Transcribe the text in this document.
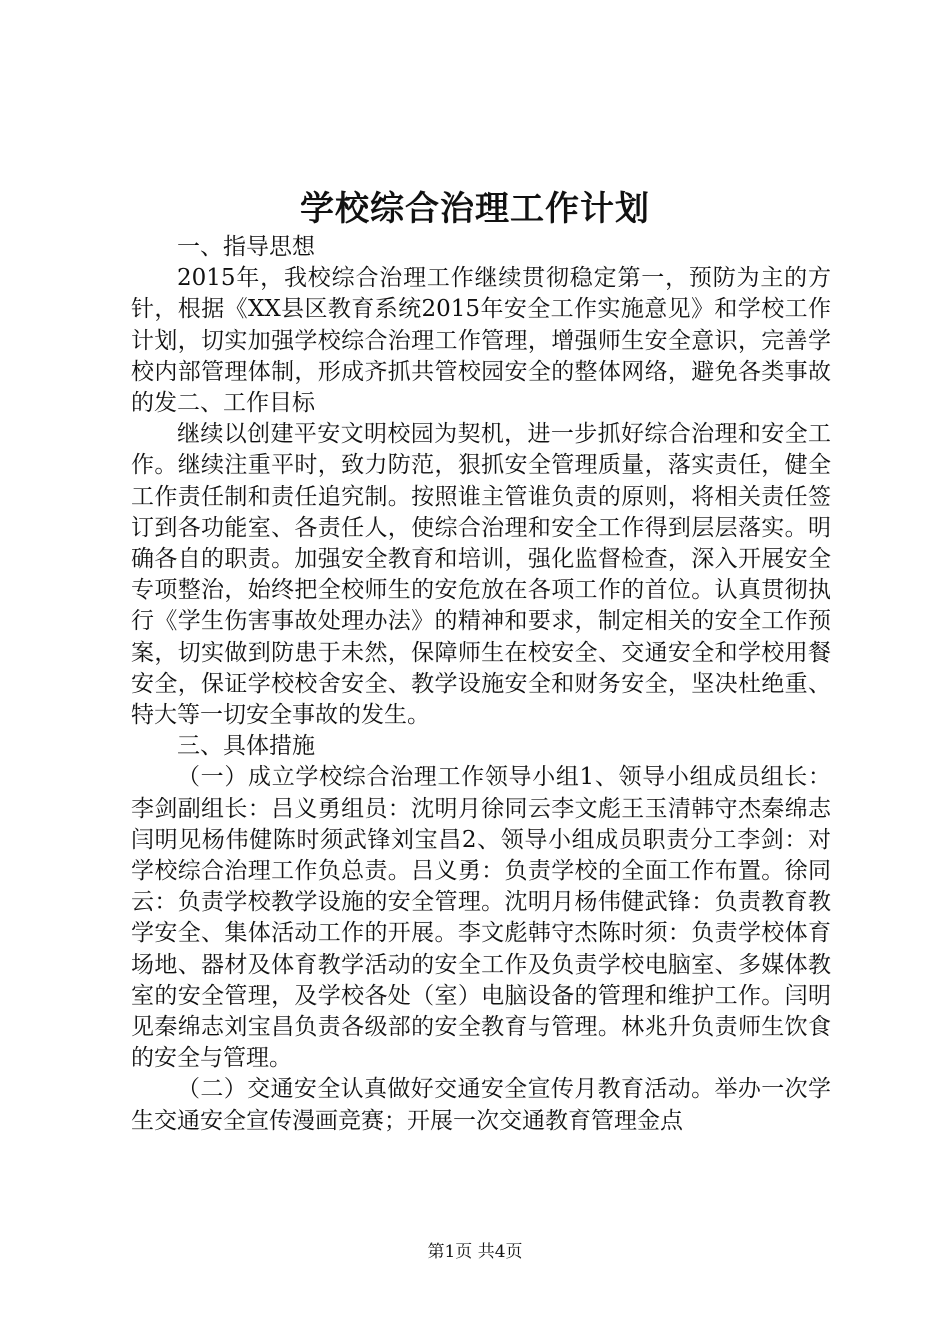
学校综合治理工作计划

一、指导思想

2015年，我校综合治理工作继续贯彻稳定第一，预防为主的方针，根据《XX县区教育系统2015年安全工作实施意见》和学校工作计划，切实加强学校综合治理工作管理，增强师生安全意识，完善学校内部管理体制，形成齐抓共管校园安全的整体网络，避免各类事故的发二、工作目标

继续以创建平安文明校园为契机，进一步抓好综合治理和安全工作。继续注重平时，致力防范，狠抓安全管理质量，落实责任，健全工作责任制和责任追究制。按照谁主管谁负责的原则，将相关责任签订到各功能室、各责任人，使综合治理和安全工作得到层层落实。明确各自的职责。加强安全教育和培训，强化监督检查，深入开展安全专项整治，始终把全校师生的安危放在各项工作的首位。认真贯彻执行《学生伤害事故处理办法》的精神和要求，制定相关的安全工作预案，切实做到防患于未然，保障师生在校安全、交通安全和学校用餐安全，保证学校校舍安全、教学设施安全和财务安全，坚决杜绝重、特大等一切安全事故的发生。

三、具体措施

（一）成立学校综合治理工作领导小组1、领导小组成员组长：李剑副组长：吕义勇组员：沈明月徐同云李文彪王玉清韩守杰秦绵志闫明见杨伟健陈时须武锋刘宝昌2、领导小组成员职责分工李剑：对学校综合治理工作负总责。吕义勇：负责学校的全面工作布置。徐同云：负责学校教学设施的安全管理。沈明月杨伟健武锋：负责教育教学安全、集体活动工作的开展。李文彪韩守杰陈时须：负责学校体育场地、器材及体育教学活动的安全工作及负责学校电脑室、多媒体教室的安全管理，及学校各处（室）电脑设备的管理和维护工作。闫明见秦绵志刘宝昌负责各级部的安全教育与管理。林兆升负责师生饮食的安全与管理。

（二）交通安全认真做好交通安全宣传月教育活动。举办一次学生交通安全宣传漫画竞赛；开展一次交通教育管理金点

第1页 共4页
